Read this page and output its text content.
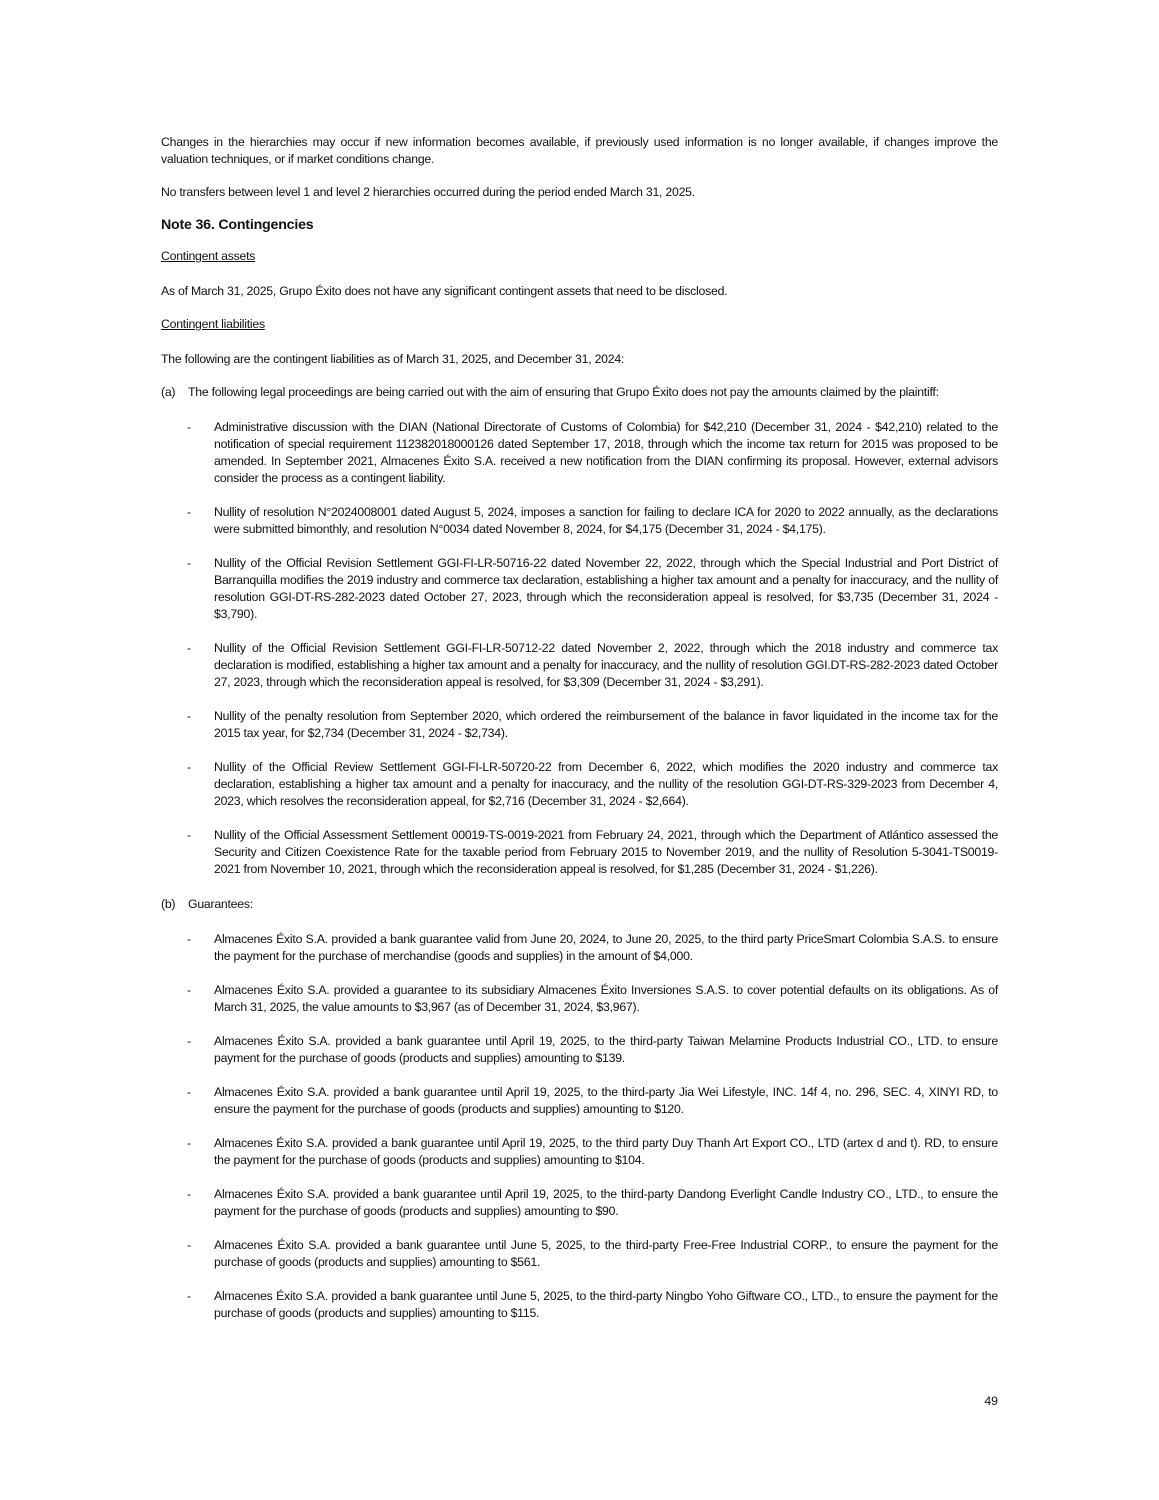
Changes in the hierarchies may occur if new information becomes available, if previously used information is no longer available, if changes improve the valuation techniques, or if market conditions change.

No transfers between level 1 and level 2 hierarchies occurred during the period ended March 31, 2025.

Note 36. Contingencies

Contingent assets

As of March 31, 2025, Grupo Éxito does not have any significant contingent assets that need to be disclosed.

Contingent liabilities

The following are the contingent liabilities as of March 31, 2025, and December 31, 2024:

(a)	The following legal proceedings are being carried out with the aim of ensuring that Grupo Éxito does not pay the amounts claimed by the plaintiff:
-	Administrative discussion with the DIAN (National Directorate of Customs of Colombia) for $42,210 (December 31, 2024 - $42,210) related to the notification of special requirement 112382018000126 dated September 17, 2018, through which the income tax return for 2015 was proposed to be amended. In September 2021, Almacenes Éxito S.A. received a new notification from the DIAN confirming its proposal. However, external advisors consider the process as a contingent liability.

-	Nullity of resolution N°2024008001 dated August 5, 2024, imposes a sanction for failing to declare ICA for 2020 to 2022 annually, as the declarations were submitted bimonthly, and resolution N°0034 dated November 8, 2024, for $4,175 (December 31, 2024 - $4,175).

-	Nullity of the Official Revision Settlement GGI-FI-LR-50716-22 dated November 22, 2022, through which the Special Industrial and Port District of Barranquilla modifies the 2019 industry and commerce tax declaration, establishing a higher tax amount and a penalty for inaccuracy, and the nullity of resolution GGI-DT-RS-282-2023 dated October 27, 2023, through which the reconsideration appeal is resolved, for $3,735 (December 31, 2024 - $3,790).

-	Nullity of the Official Revision Settlement GGI-FI-LR-50712-22 dated November 2, 2022, through which the 2018 industry and commerce tax declaration is modified, establishing a higher tax amount and a penalty for inaccuracy, and the nullity of resolution GGI.DT-RS-282-2023 dated October 27, 2023, through which the reconsideration appeal is resolved, for $3,309 (December 31, 2024 - $3,291).

-	Nullity of the penalty resolution from September 2020, which ordered the reimbursement of the balance in favor liquidated in the income tax for the 2015 tax year, for $2,734 (December 31, 2024 - $2,734).

-	Nullity of the Official Review Settlement GGI-FI-LR-50720-22 from December 6, 2022, which modifies the 2020 industry and commerce tax declaration, establishing a higher tax amount and a penalty for inaccuracy, and the nullity of the resolution GGI-DT-RS-329-2023 from December 4, 2023, which resolves the reconsideration appeal, for $2,716 (December 31, 2024 - $2,664).

-	Nullity of the Official Assessment Settlement 00019-TS-0019-2021 from February 24, 2021, through which the Department of Atlántico assessed the Security and Citizen Coexistence Rate for the taxable period from February 2015 to November 2019, and the nullity of Resolution 5-3041-TS0019-2021 from November 10, 2021, through which the reconsideration appeal is resolved, for $1,285 (December 31, 2024 - $1,226).

(b)	Guarantees:
-	Almacenes Éxito S.A. provided a bank guarantee valid from June 20, 2024, to June 20, 2025, to the third party PriceSmart Colombia S.A.S. to ensure the payment for the purchase of merchandise (goods and supplies) in the amount of $4,000.

-	Almacenes Éxito S.A. provided a guarantee to its subsidiary Almacenes Éxito Inversiones S.A.S. to cover potential defaults on its obligations. As of March 31, 2025, the value amounts to $3,967 (as of December 31, 2024, $3,967).

-	Almacenes Éxito S.A. provided a bank guarantee until April 19, 2025, to the third-party Taiwan Melamine Products Industrial CO., LTD. to ensure payment for the purchase of goods (products and supplies) amounting to $139.

-	Almacenes Éxito S.A. provided a bank guarantee until April 19, 2025, to the third-party Jia Wei Lifestyle, INC. 14f 4, no. 296, SEC. 4, XINYI RD, to ensure the payment for the purchase of goods (products and supplies) amounting to $120.

-	Almacenes Éxito S.A. provided a bank guarantee until April 19, 2025, to the third party Duy Thanh Art Export CO., LTD (artex d and t). RD, to ensure the payment for the purchase of goods (products and supplies) amounting to $104.

-	Almacenes Éxito S.A. provided a bank guarantee until April 19, 2025, to the third-party Dandong Everlight Candle Industry CO., LTD., to ensure the payment for the purchase of goods (products and supplies) amounting to $90.

-	Almacenes Éxito S.A. provided a bank guarantee until June 5, 2025, to the third-party Free-Free Industrial CORP., to ensure the payment for the purchase of goods (products and supplies) amounting to $561.

-	Almacenes Éxito S.A. provided a bank guarantee until June 5, 2025, to the third-party Ningbo Yoho Giftware CO., LTD., to ensure the payment for the purchase of goods (products and supplies) amounting to $115.

49
